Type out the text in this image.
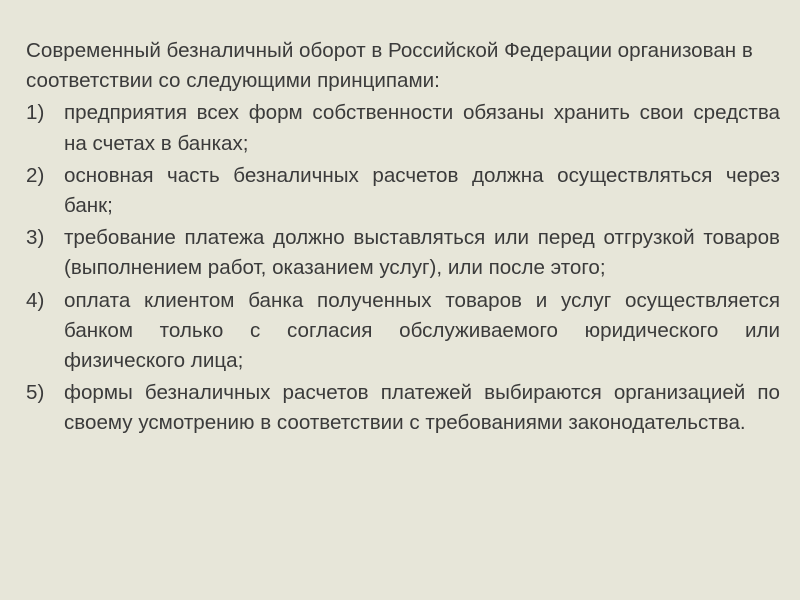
Современный безналичный оборот в Российской Федерации организован в соответствии со следующими принципами:

1) предприятия всех форм собственности обязаны хранить свои средства на счетах в банках;
2) основная часть безналичных расчетов должна осуществляться через банк;
3) требование платежа должно выставляться или перед отгрузкой товаров (выполнением работ, оказанием услуг), или после этого;
4) оплата клиентом банка полученных товаров и услуг осуществляется банком только с согласия обслуживаемого юридического или физического лица;
5) формы безналичных расчетов платежей выбираются организацией по своему усмотрению в соответствии с требованиями законодательства.
